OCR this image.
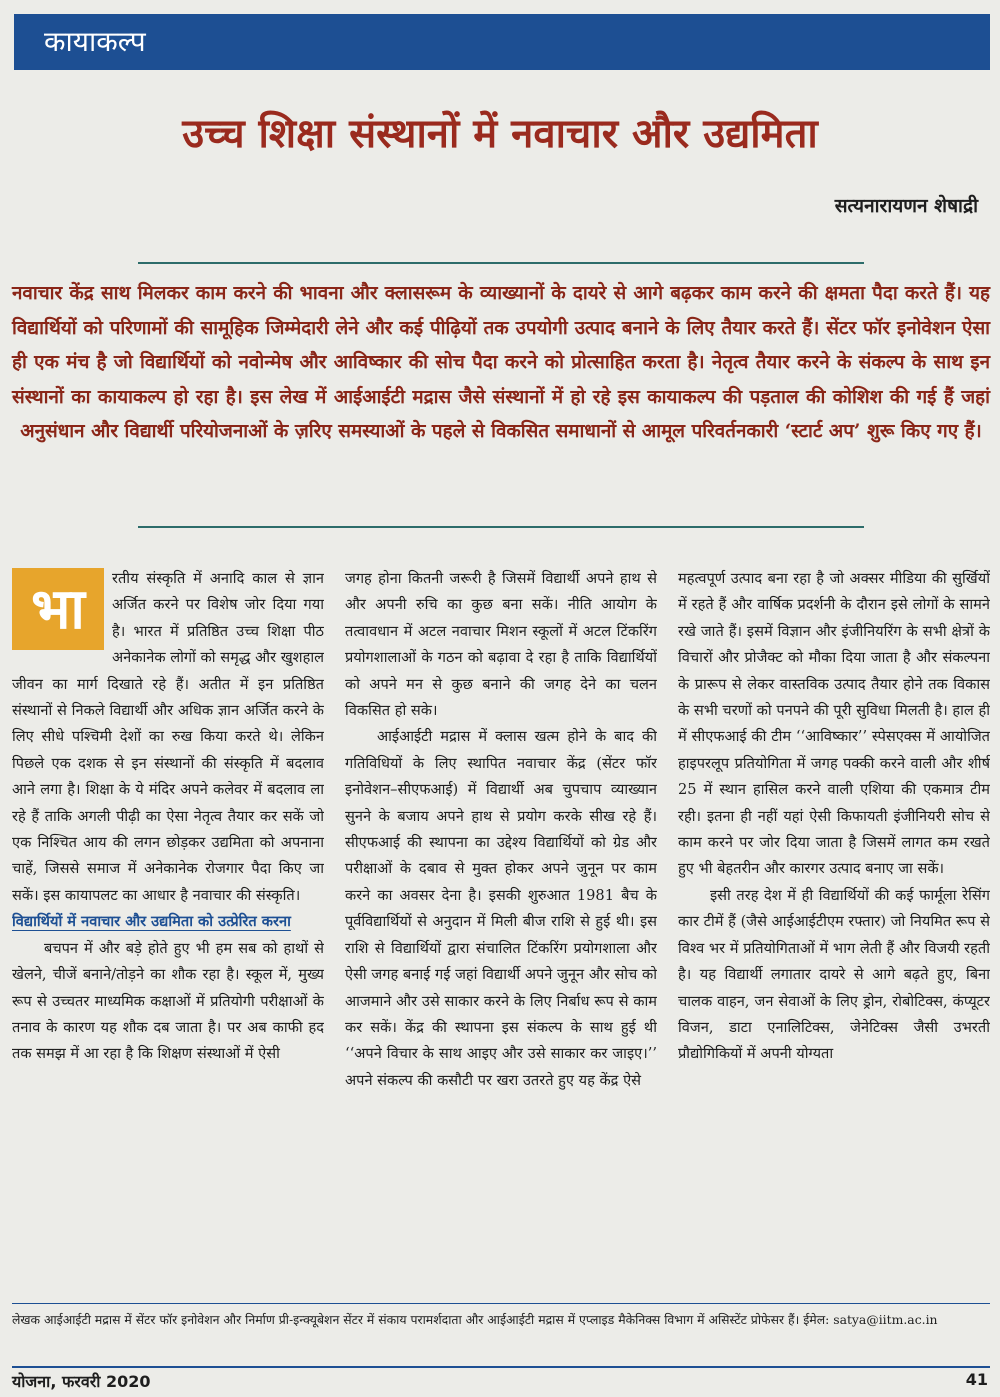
कायाकल्प
उच्च शिक्षा संस्थानों में नवाचार और उद्यमिता
सत्यनारायणन शेषाद्री

नवाचार केंद्र साथ मिलकर काम करने की भावना और क्लासरूम के व्याख्यानों के दायरे से आगे बढ़कर काम करने की क्षमता पैदा करते हैं। यह विद्यार्थियों को परिणामों की सामूहिक जिम्मेदारी लेने और कई पीढ़ियों तक उपयोगी उत्पाद बनाने के लिए तैयार करते हैं। सेंटर फॉर इनोवेशन ऐसा ही एक मंच है जो विद्यार्थियों को नवोन्मेष और आविष्कार की सोच पैदा करने को प्रोत्साहित करता है। नेतृत्व तैयार करने के संकल्प के साथ इन संस्थानों का कायाकल्प हो रहा है। इस लेख में आईआईटी मद्रास जैसे संस्थानों में हो रहे इस कायाकल्प की पड़ताल की कोशिश की गई हैं जहां अनुसंधान और विद्यार्थी परियोजनाओं के ज़रिए समस्याओं के पहले से विकसित समाधानों से आमूल परिवर्तनकारी ‘स्टार्ट अप’ शुरू किए गए हैं।

भा	रतीय संस्कृति में अनादि काल से ज्ञान अर्जित करने पर विशेष जोर दिया गया है। भारत में प्रतिष्ठित उच्च शिक्षा पीठ अनेकानेक लोगों को समृद्ध और खुशहाल जीवन का मार्ग दिखाते रहे हैं। अतीत में इन प्रतिष्ठित संस्थानों से निकले विद्यार्थी और अधिक ज्ञान अर्जित करने के लिए सीधे पश्चिमी देशों का रुख किया करते थे। लेकिन पिछले एक दशक से इन संस्थानों की संस्कृति में बदलाव आने लगा है। शिक्षा के ये मंदिर अपने कलेवर में बदलाव ला रहे हैं ताकि अगली पीढ़ी का ऐसा नेतृत्व तैयार कर सकें जो एक निश्चित आय की लगन छोड़कर उद्यमिता को अपनाना चाहें, जिससे समाज में अनेकानेक रोजगार पैदा किए जा सकें। इस कायापलट का आधार है नवाचार की संस्कृति।

विद्यार्थियों में नवाचार और उद्यमिता को उत्प्रेरित करना

बचपन में और बड़े होते हुए भी हम सब को हाथों से खेलने, चीजें बनाने/तोड़ने का शौक रहा है। स्कूल में, मुख्य रूप से उच्चतर माध्यमिक कक्षाओं में प्रतियोगी परीक्षाओं के तनाव के कारण यह शौक दब जाता है। पर अब काफी हद तक समझ में आ रहा है कि शिक्षण संस्थाओं में ऐसी

जगह होना कितनी जरूरी है जिसमें विद्यार्थी अपने हाथ से और अपनी रुचि का कुछ बना सकें। नीति आयोग के तत्वावधान में अटल नवाचार मिशन स्कूलों में अटल टिंकरिंग प्रयोगशालाओं के गठन को बढ़ावा दे रहा है ताकि विद्यार्थियों को अपने मन से कुछ बनाने की जगह देने का चलन विकसित हो सके।

आईआईटी मद्रास में क्लास खत्म होने के बाद की गतिविधियों के लिए स्थापित नवाचार केंद्र (सेंटर फॉर इनोवेशन–सीएफआई) में विद्यार्थी अब चुपचाप व्याख्यान सुनने के बजाय अपने हाथ से प्रयोग करके सीख रहे हैं। सीएफआई की स्थापना का उद्देश्य विद्यार्थियों को ग्रेड और परीक्षाओं के दबाव से मुक्त होकर अपने जुनून पर काम करने का अवसर देना है। इसकी शुरुआत 1981 बैच के पूर्वविद्यार्थियों से अनुदान में मिली बीज राशि से हुई थी। इस राशि से विद्यार्थियों द्वारा संचालित टिंकरिंग प्रयोगशाला और ऐसी जगह बनाई गई जहां विद्यार्थी अपने जुनून और सोच को आजमाने और उसे साकार करने के लिए निर्बाध रूप से काम कर सकें। केंद्र की स्थापना इस संकल्प के साथ हुई थी ‘‘अपने विचार के साथ आइए और उसे साकार कर जाइए।’’ अपने संकल्प की कसौटी पर खरा उतरते हुए यह केंद्र ऐसे

महत्वपूर्ण उत्पाद बना रहा है जो अक्सर मीडिया की सुर्खियों में रहते हैं और वार्षिक प्रदर्शनी के दौरान इसे लोगों के सामने रखे जाते हैं। इसमें विज्ञान और इंजीनियरिंग के सभी क्षेत्रों के विचारों और प्रोजैक्ट को मौका दिया जाता है और संकल्पना के प्रारूप से लेकर वास्तविक उत्पाद तैयार होने तक विकास के सभी चरणों को पनपने की पूरी सुविधा मिलती है। हाल ही में सीएफआई की टीम ‘‘आविष्कार’’ स्पेसएक्स में आयोजित हाइपरलूप प्रतियोगिता में जगह पक्की करने वाली और शीर्ष 25 में स्थान हासिल करने वाली एशिया की एकमात्र टीम रही। इतना ही नहीं यहां ऐसी किफायती इंजीनियरी सोच से काम करने पर जोर दिया जाता है जिसमें लागत कम रखते हुए भी बेहतरीन और कारगर उत्पाद बनाए जा सकें।

इसी तरह देश में ही विद्यार्थियों की कई फार्मूला रेसिंग कार टीमें हैं (जैसे आईआईटीएम रफ्तार) जो नियमित रूप से विश्व भर में प्रतियोगिताओं में भाग लेती हैं और विजयी रहती है। यह विद्यार्थी लगातार दायरे से आगे बढ़ते हुए, बिना चालक वाहन, जन सेवाओं के लिए ड्रोन, रोबोटिक्स, कंप्यूटर विजन, डाटा एनालिटिक्स, जेनेटिक्स जैसी उभरती प्रौद्योगिकियों में अपनी योग्यता

लेखक आईआईटी मद्रास में सेंटर फॉर इनोवेशन और निर्माण प्री-इन्क्यूबेशन सेंटर में संकाय परामर्शदाता और आईआईटी मद्रास में एप्लाइड मैकेनिक्स विभाग में असिस्टेंट प्रोफेसर हैं। ईमेल: satya@iitm.ac.in

योजना, फरवरी 2020	41
